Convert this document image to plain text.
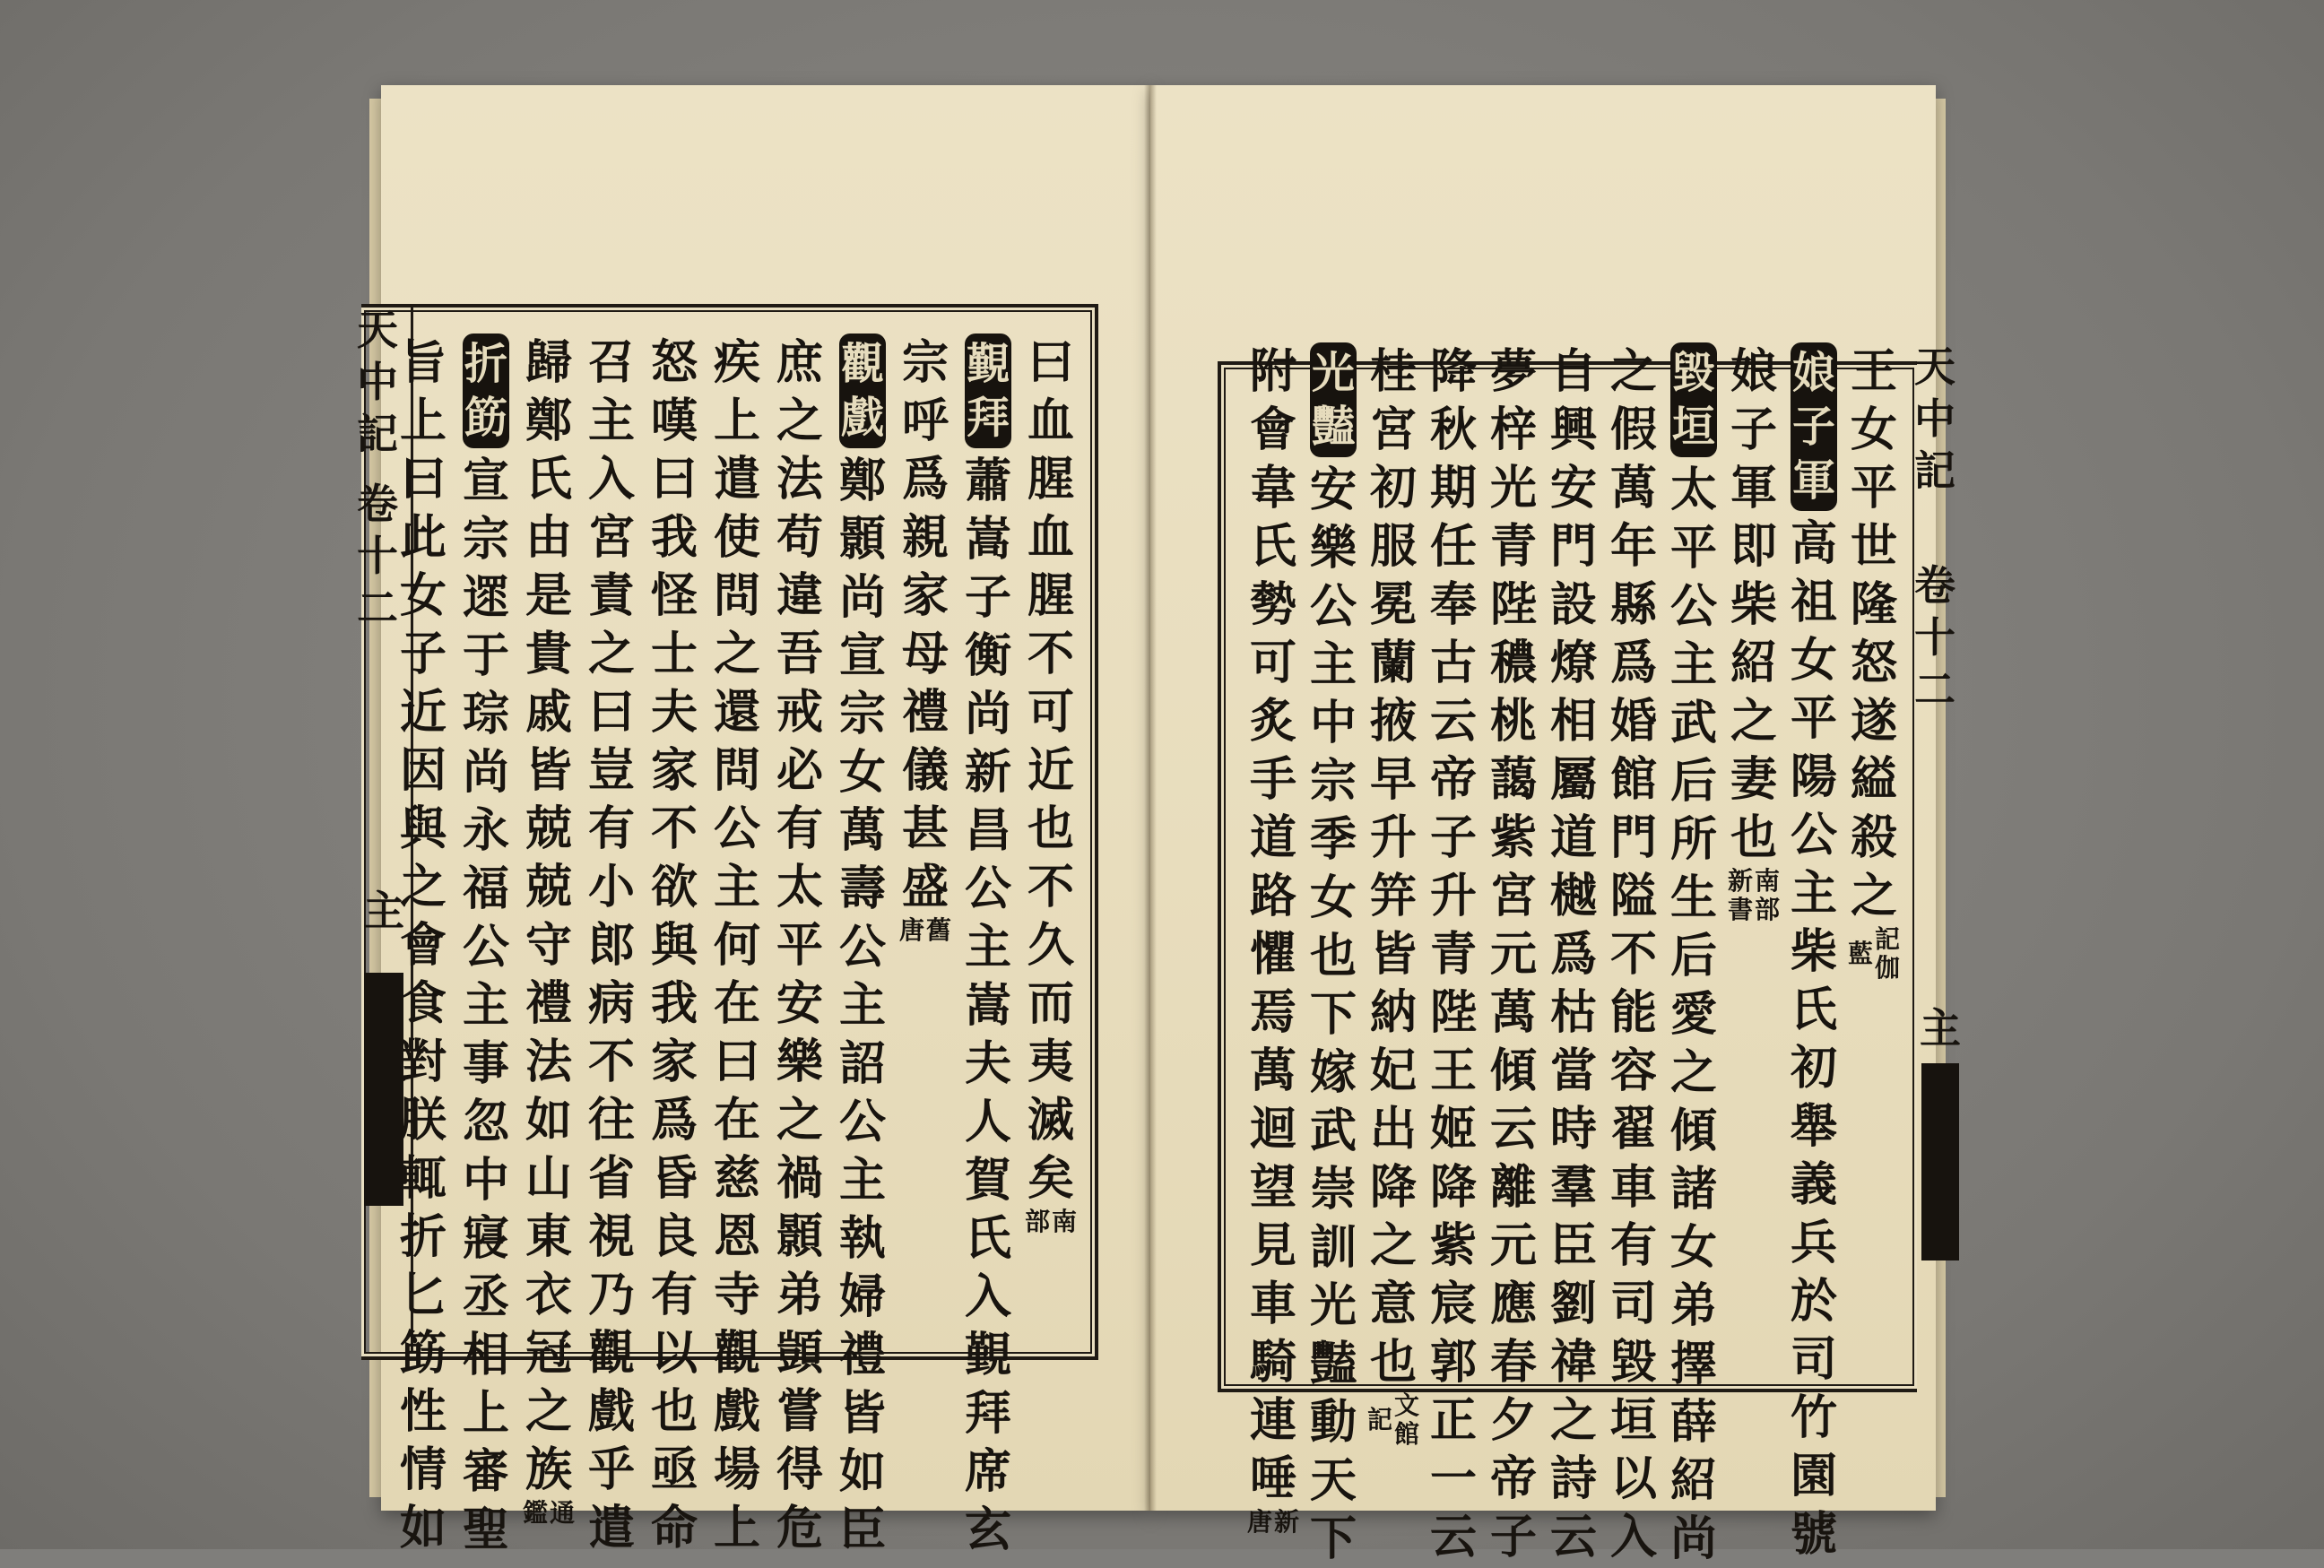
天中記
卷十二
主
曰
血
腥
血
腥
不
可
近
也
不
久
而
夷
滅
矣
部 南
覲
拜
蕭
嵩
子
衡
尚
新
昌
公
主
嵩
夫
人
賀
氏
入
覲
拜
席
玄
宗
呼
爲
親
家
母
禮
儀
甚
盛
唐 舊
觀
戲
鄭
顥
尚
宣
宗
女
萬
壽
公
主
詔
公
主
執
婦
禮
皆
如
臣
庶
之
法
苟
違
吾
戒
必
有
太
平
安
樂
之
禍
顥
弟
顗
嘗
得
危
疾
上
遣
使
問
之
還
問
公
主
何
在
曰
在
慈
恩
寺
觀
戲
場
上
怒
嘆
曰
我
怪
士
夫
家
不
欲
與
我
家
爲
昏
良
有
以
也
亟
命
召
主
入
宮
責
之
曰
豈
有
小
郎
病
不
往
省
視
乃
觀
戲
乎
遣
歸
鄭
氏
由
是
貴
戚
皆
兢
兢
守
禮
法
如
山
東
衣
冠
之
族
鑑 通
折
筯
宣
宗
遝
于
琮
尚
永
福
公
主
事
忽
中
寢
丞
相
上
審
聖
旨
上
曰
此
女
子
近
因
與
之
會
食
對
朕
輒
折
匕
筯
性
情
如
王
女
平
世
隆
怒
遂
縊
殺
之
藍 記
伽
娘
子
軍
高
祖
女
平
陽
公
主
柴
氏
初
舉
義
兵
於
司
竹
園
號
娘
子
軍
即
柴
紹
之
妻
也
新
書
南
部
毀
垣
太
平
公
主
武
后
所
生
后
愛
之
傾
諸
女
弟
擇
薛
紹
尚
之
假
萬
年
縣
爲
婚
館
門
隘
不
能
容
翟
車
有
司
毀
垣
以
入
自
興
安
門
設
燎
相
屬
道
樾
爲
枯
當
時
羣
臣
劉
禕
之
詩
云
夢
梓
光
青
陛
穠
桃
藹
紫
宮
元
萬
傾
云
離
元
應
春
夕
帝
子
降
秋
期
任
奉
古
云
帝
子
升
青
陛
王
姬
降
紫
宸
郭
正
一
云
桂
宮
初
服
冕
蘭
掖
早
升
笄
皆
納
妃
出
降
之
意
也
記 文
館
光
豔
安
樂
公
主
中
宗
季
女
也
下
嫁
武
崇
訓
光
豔
動
天
下
附
會
韋
氏
勢
可
炙
手
道
路
懼
焉
萬
迴
望
見
車
騎
連
唾
唐 新
天中記
卷十二
主
